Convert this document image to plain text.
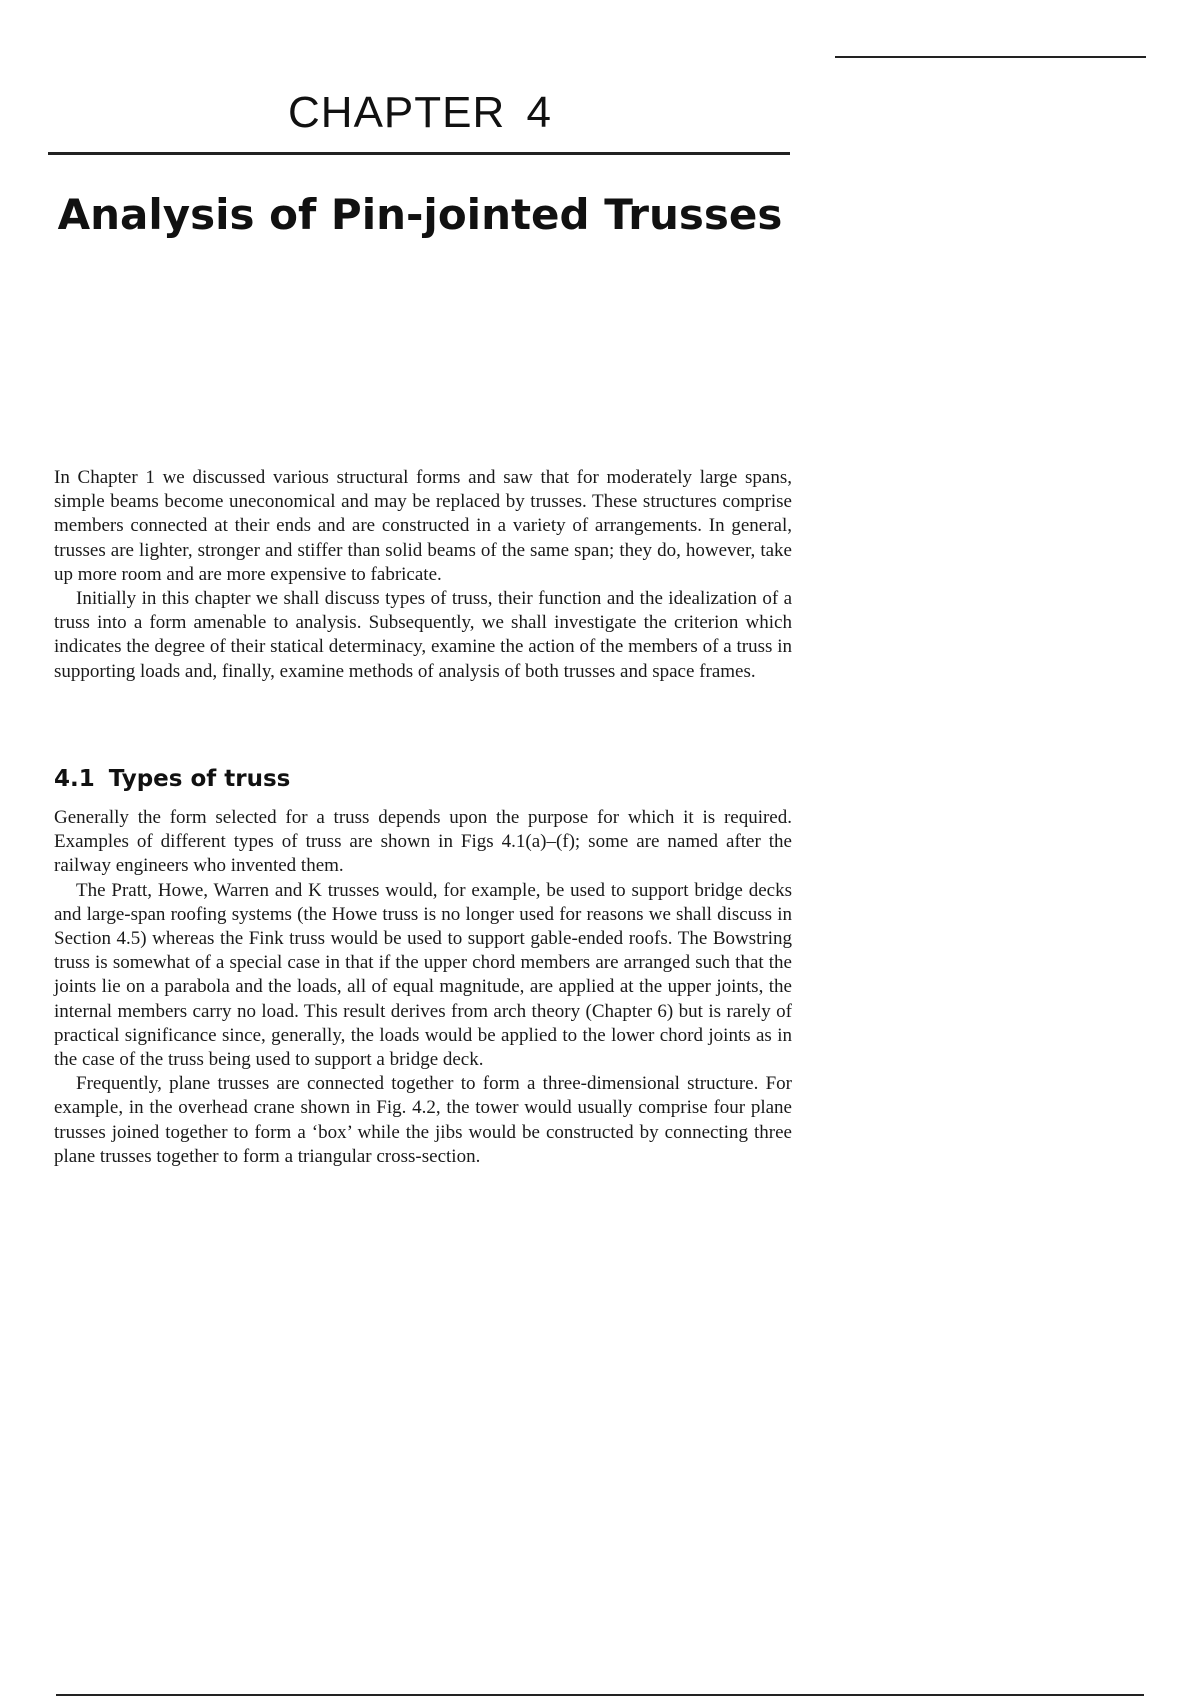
CHAPTER 4
Analysis of Pin-jointed Trusses

In Chapter 1 we discussed various structural forms and saw that for moderately large spans, simple beams become uneconomical and may be replaced by trusses. These structures comprise members connected at their ends and are constructed in a variety of arrangements. In general, trusses are lighter, stronger and stiffer than solid beams of the same span; they do, however, take up more room and are more expensive to fabricate.

Initially in this chapter we shall discuss types of truss, their function and the idealization of a truss into a form amenable to analysis. Subsequently, we shall investigate the criterion which indicates the degree of their statical determinacy, examine the action of the members of a truss in supporting loads and, finally, examine methods of analysis of both trusses and space frames.

4.1 Types of truss

Generally the form selected for a truss depends upon the purpose for which it is required. Examples of different types of truss are shown in Figs 4.1(a)–(f); some are named after the railway engineers who invented them.

The Pratt, Howe, Warren and K trusses would, for example, be used to support bridge decks and large-span roofing systems (the Howe truss is no longer used for reasons we shall discuss in Section 4.5) whereas the Fink truss would be used to support gable-ended roofs. The Bowstring truss is somewhat of a special case in that if the upper chord members are arranged such that the joints lie on a parabola and the loads, all of equal magnitude, are applied at the upper joints, the internal members carry no load. This result derives from arch theory (Chapter 6) but is rarely of practical significance since, generally, the loads would be applied to the lower chord joints as in the case of the truss being used to support a bridge deck.

Frequently, plane trusses are connected together to form a three-dimensional structure. For example, in the overhead crane shown in Fig. 4.2, the tower would usually comprise four plane trusses joined together to form a ‘box’ while the jibs would be constructed by connecting three plane trusses together to form a triangular cross-section.
